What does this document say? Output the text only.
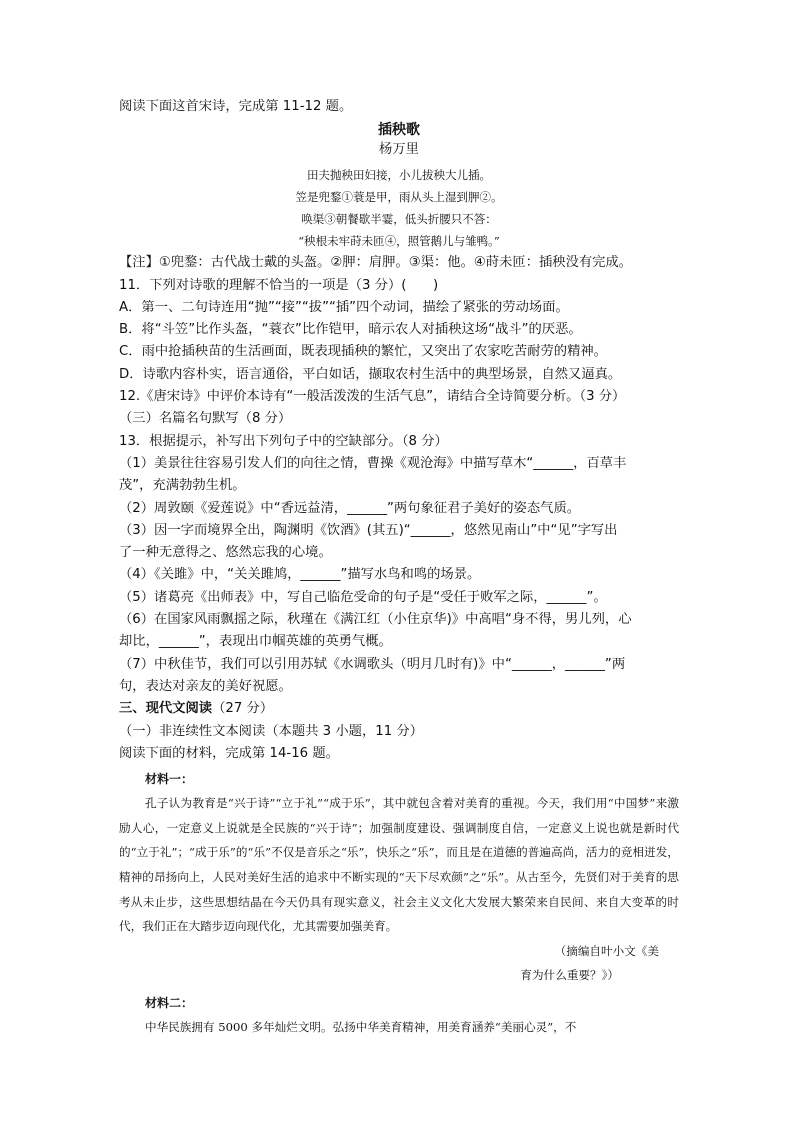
阅读下面这首宋诗，完成第 11-12 题。

插秧歌

杨万里

田夫抛秧田妇接，小儿拔秧大儿插。

笠是兜鍪①蓑是甲，雨从头上湿到胛②。

唤渠③朝餐歇半霎，低头折腰只不答：

“秧根未牢莳未匝④，照管鹅儿与雏鸭。”

【注】①兜鍪：古代战士戴的头盔。②胛：肩胛。③渠：他。④莳未匝：插秧没有完成。

11．下列对诗歌的理解不恰当的一项是（3 分）(　　)

A．第一、二句诗连用“抛”“接”“拔”“插”四个动词，描绘了紧张的劳动场面。

B．将“斗笠”比作头盔，“蓑衣”比作铠甲，暗示农人对插秧这场“战斗”的厌恶。

C．雨中抢插秧苗的生活画面，既表现插秧的繁忙，又突出了农家吃苦耐劳的精神。

D．诗歌内容朴实，语言通俗，平白如话，撷取农村生活中的典型场景，自然又逼真。

12.《唐宋诗》中评价本诗有“一般活泼泼的生活气息”，请结合全诗简要分析。（3 分）

（三）名篇名句默写（8 分）

13．根据提示，补写出下列句子中的空缺部分。（8 分）

（1）美景往往容易引发人们的向往之情，曹操《观沧海》中描写草木“______，百草丰

茂”，充满勃勃生机。

（2）周敦颐《爱莲说》中“香远益清，______”两句象征君子美好的姿态气质。

（3）因一字而境界全出，陶渊明《饮酒》(其五)“______，悠然见南山”中“见”字写出

了一种无意得之、悠然忘我的心境。

（4）《关雎》中，“关关雎鸠，______”描写水鸟和鸣的场景。

（5）诸葛亮《出师表》中，写自己临危受命的句子是“受任于败军之际，______”。

（6）在国家风雨飘摇之际，秋瑾在《满江红（小住京华)》中高唱“身不得，男儿列，心

却比，______”，表现出巾帼英雄的英勇气概。

（7）中秋佳节，我们可以引用苏轼《水调歌头（明月几时有)》中“______，______”两

句，表达对亲友的美好祝愿。

三、现代文阅读（27 分）

（一）非连续性文本阅读（本题共 3 小题，11 分）

阅读下面的材料，完成第 14-16 题。

材料一：

孔子认为教育是“兴于诗”“立于礼”“成于乐”，其中就包含着对美育的重视。今天，我们用“中国梦”来激励人心，一定意义上说就是全民族的“兴于诗”；加强制度建设、强调制度自信，一定意义上说也就是新时代的“立于礼”；“成于乐”的“乐”不仅是音乐之“乐”，快乐之“乐”，而且是在道德的普遍高尚，活力的竞相迸发，精神的昂扬向上，人民对美好生活的追求中不断实现的“天下尽欢颜”之“乐”。从古至今，先贤们对于美育的思考从未止步，这些思想结晶在今天仍具有现实意义，社会主义文化大发展大繁荣来自民间、来自大变革的时代，我们正在大踏步迈向现代化，尤其需要加强美育。

（摘编自叶小文《美

育为什么重要？》）

材料二：

中华民族拥有 5000 多年灿烂文明。弘扬中华美育精神，用美育涵养“美丽心灵”，不
